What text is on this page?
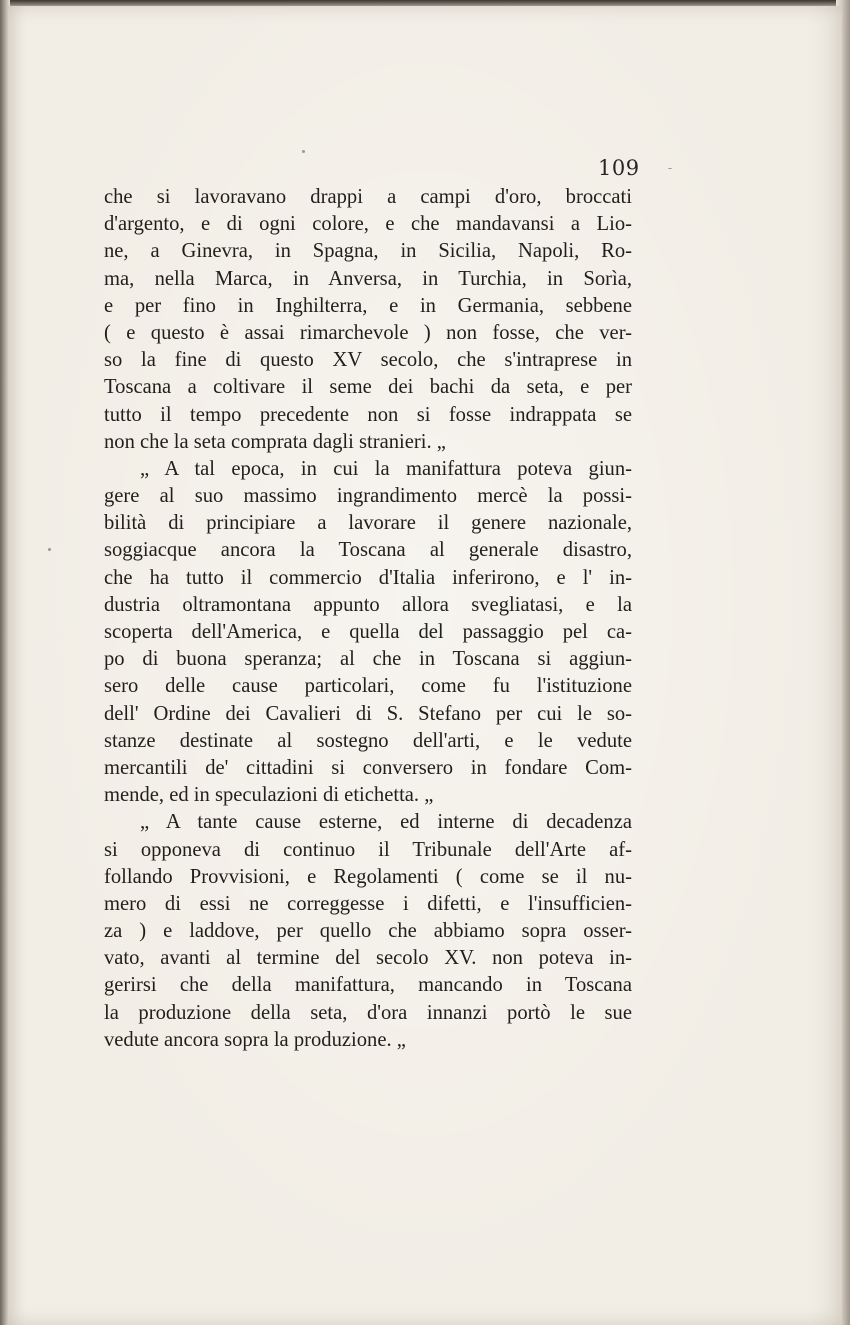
109
che si lavoravano drappi a campi d'oro, broccati
d'argento, e di ogni colore, e che mandavansi a Lio-
ne, a Ginevra, in Spagna, in Sicilia, Napoli, Ro-
ma, nella Marca, in Anversa, in Turchia, in Sorìa,
e per fino in Inghilterra, e in Germania, sebbene
( e questo è assai rimarchevole ) non fosse, che ver-
so la fine di questo XV secolo, che s'intraprese in
Toscana a coltivare il seme dei bachi da seta, e per
tutto il tempo precedente non si fosse indrappata se
non che la seta comprata dagli stranieri. „
„ A tal epoca, in cui la manifattura poteva giun-
gere al suo massimo ingrandimento mercè la possi-
bilità di principiare a lavorare il genere nazionale,
soggiacque ancora la Toscana al generale disastro,
che ha tutto il commercio d'Italia inferirono, e l' in-
dustria oltramontana appunto allora svegliatasi, e la
scoperta dell'America, e quella del passaggio pel ca-
po di buona speranza; al che in Toscana si aggiun-
sero delle cause particolari, come fu l'istituzione
dell' Ordine dei Cavalieri di S. Stefano per cui le so-
stanze destinate al sostegno dell'arti, e le vedute
mercantili de' cittadini si conversero in fondare Com-
mende, ed in speculazioni di etichetta. „
„ A tante cause esterne, ed interne di decadenza
si opponeva di continuo il Tribunale dell'Arte af-
follando Provvisioni, e Regolamenti ( come se il nu-
mero di essi ne correggesse i difetti, e l'insufficien-
za ) e laddove, per quello che abbiamo sopra osser-
vato, avanti al termine del secolo XV. non poteva in-
gerirsi che della manifattura, mancando in Toscana
la produzione della seta, d'ora innanzi portò le sue
vedute ancora sopra la produzione. „
